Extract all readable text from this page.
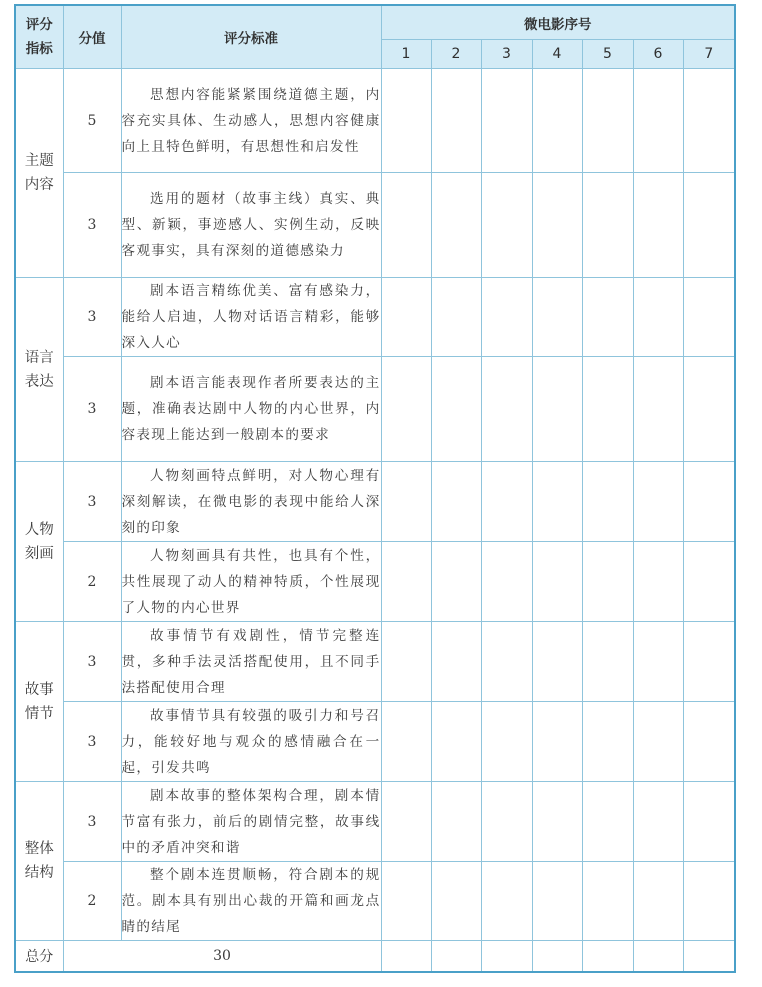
评分
指标	分值	评分标准	微电影序号						
			1	2	3	4	5	6	7
主题
内容	5	思想内容能紧紧围绕道德主题，内容充实具体、生动感人，思想内容健康向上且特色鲜明，有思想性和启发性							
	3	选用的题材（故事主线）真实、典型、新颖，事迹感人、实例生动，反映客观事实，具有深刻的道德感染力							
语言
表达	3	剧本语言精练优美、富有感染力，能给人启迪，人物对话语言精彩，能够深入人心							
	3	剧本语言能表现作者所要表达的主题，准确表达剧中人物的内心世界，内容表现上能达到一般剧本的要求							
人物
刻画	3	人物刻画特点鲜明，对人物心理有深刻解读，在微电影的表现中能给人深刻的印象							
	2	人物刻画具有共性，也具有个性，共性展现了动人的精神特质，个性展现了人物的内心世界							
故事
情节	3	故事情节有戏剧性，情节完整连贯，多种手法灵活搭配使用，且不同手法搭配使用合理							
	3	故事情节具有较强的吸引力和号召力，能较好地与观众的感情融合在一起，引发共鸣							
整体
结构	3	剧本故事的整体架构合理，剧本情节富有张力，前后的剧情完整，故事线中的矛盾冲突和谐							
	2	整个剧本连贯顺畅，符合剧本的规范。剧本具有别出心裁的开篇和画龙点睛的结尾							
总分	30								
